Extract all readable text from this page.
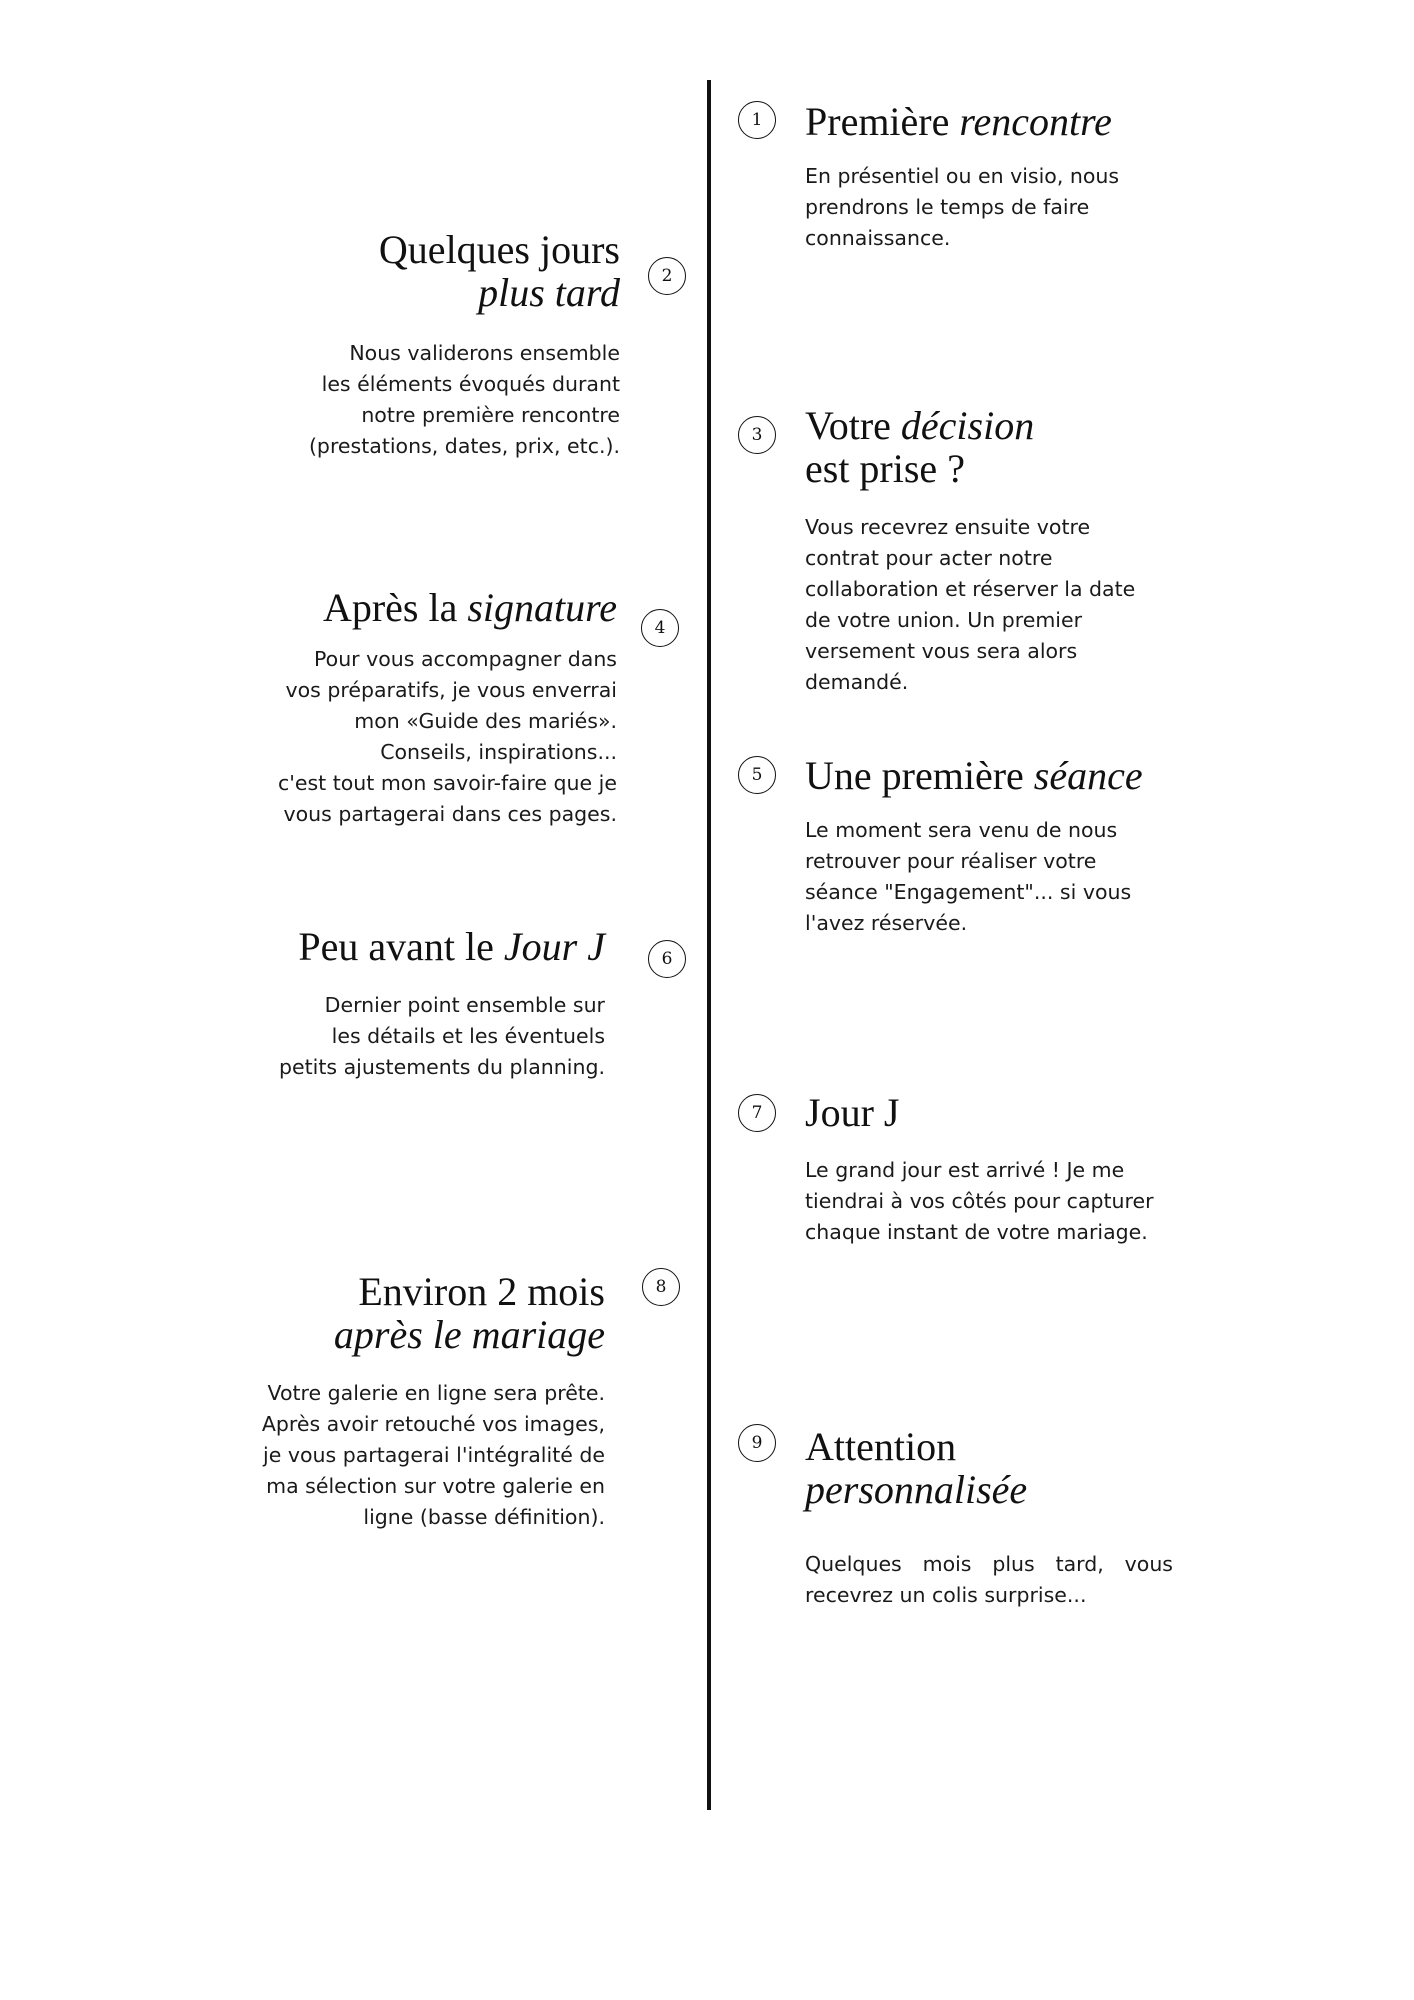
1	Première rencontre

En présentiel ou en visio, nous
prendrons le temps de faire
connaissance.

2
Quelques jours
plus tard

Nous validerons ensemble
les éléments évoqués durant
notre première rencontre
(prestations, dates, prix, etc.).	3	Votre décision
est prise ?

Vous recevrez ensuite votre
contrat pour acter notre
collaboration et réserver la date
de votre union. Un premier
versement vous sera alors
demandé.

4
Après la signature

Pour vous accompagner dans
vos préparatifs, je vous enverrai
mon «Guide des mariés».
Conseils, inspirations...
c'est tout mon savoir-faire que je
vous partagerai dans ces pages.

5	Une première séance

Le moment sera venu de nous
retrouver pour réaliser votre
séance "Engagement"... si vous
l'avez réservée.

6
Peu avant le Jour J

Dernier point ensemble sur
les détails et les éventuels
petits ajustements du planning.

7	Jour J

Le grand jour est arrivé ! Je me
tiendrai à vos côtés pour capturer
chaque instant de votre mariage.

8
Environ 2 mois
après le mariage

Votre galerie en ligne sera prête.
Après avoir retouché vos images,
je vous partagerai l'intégralité de
ma sélection sur votre galerie en
ligne (basse définition).

9	Attention
personnalisée

Quelques mois plus tard, vous recevrez un colis surprise...
